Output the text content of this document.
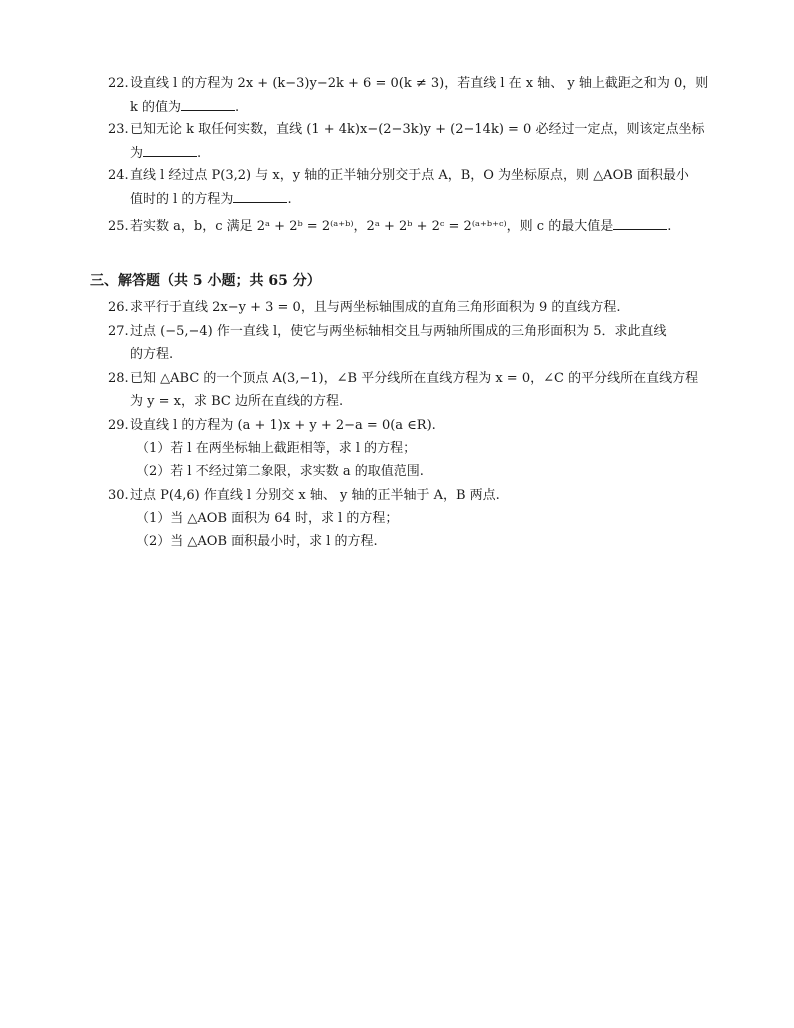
22.设直线 l 的方程为 2x + (k−3)y−2k + 6 = 0(k ≠ 3)，若直线 l 在 x 轴、 y 轴上截距之和为 0，则
k 的值为	.
23.已知无论 k 取任何实数，直线 (1 + 4k)x−(2−3k)y + (2−14k) = 0 必经过一定点，则该定点坐标
为	.
24.直线 l 经过点 P(3,2) 与 x，y 轴的正半轴分别交于点 A，B，O 为坐标原点，则 △AOB 面积最小
值时的 l 的方程为	.
25.若实数 a，b，c 满足 2ᵃ + 2ᵇ = 2⁽ᵃ⁺ᵇ⁾，2ᵃ + 2ᵇ + 2ᶜ = 2⁽ᵃ⁺ᵇ⁺ᶜ⁾，则 c 的最大值是	.
三、解答题（共 5 小题；共 65 分）
26.求平行于直线 2x−y + 3 = 0，且与两坐标轴围成的直角三角形面积为 9 的直线方程.
27.过点 (−5,−4) 作一直线 l，使它与两坐标轴相交且与两轴所围成的三角形面积为 5．求此直线
的方程.
28.已知 △ABC 的一个顶点 A(3,−1)，∠B 平分线所在直线方程为 x = 0，∠C 的平分线所在直线方程
为 y = x，求 BC 边所在直线的方程.
29.设直线 l 的方程为 (a + 1)x + y + 2−a = 0(a ∈R).
（1）若 l 在两坐标轴上截距相等，求 l 的方程；
（2）若 l 不经过第二象限，求实数 a 的取值范围.
30.过点 P(4,6) 作直线 l 分别交 x 轴、 y 轴的正半轴于 A，B 两点.
（1）当 △AOB 面积为 64 时，求 l 的方程；
（2）当 △AOB 面积最小时，求 l 的方程.
